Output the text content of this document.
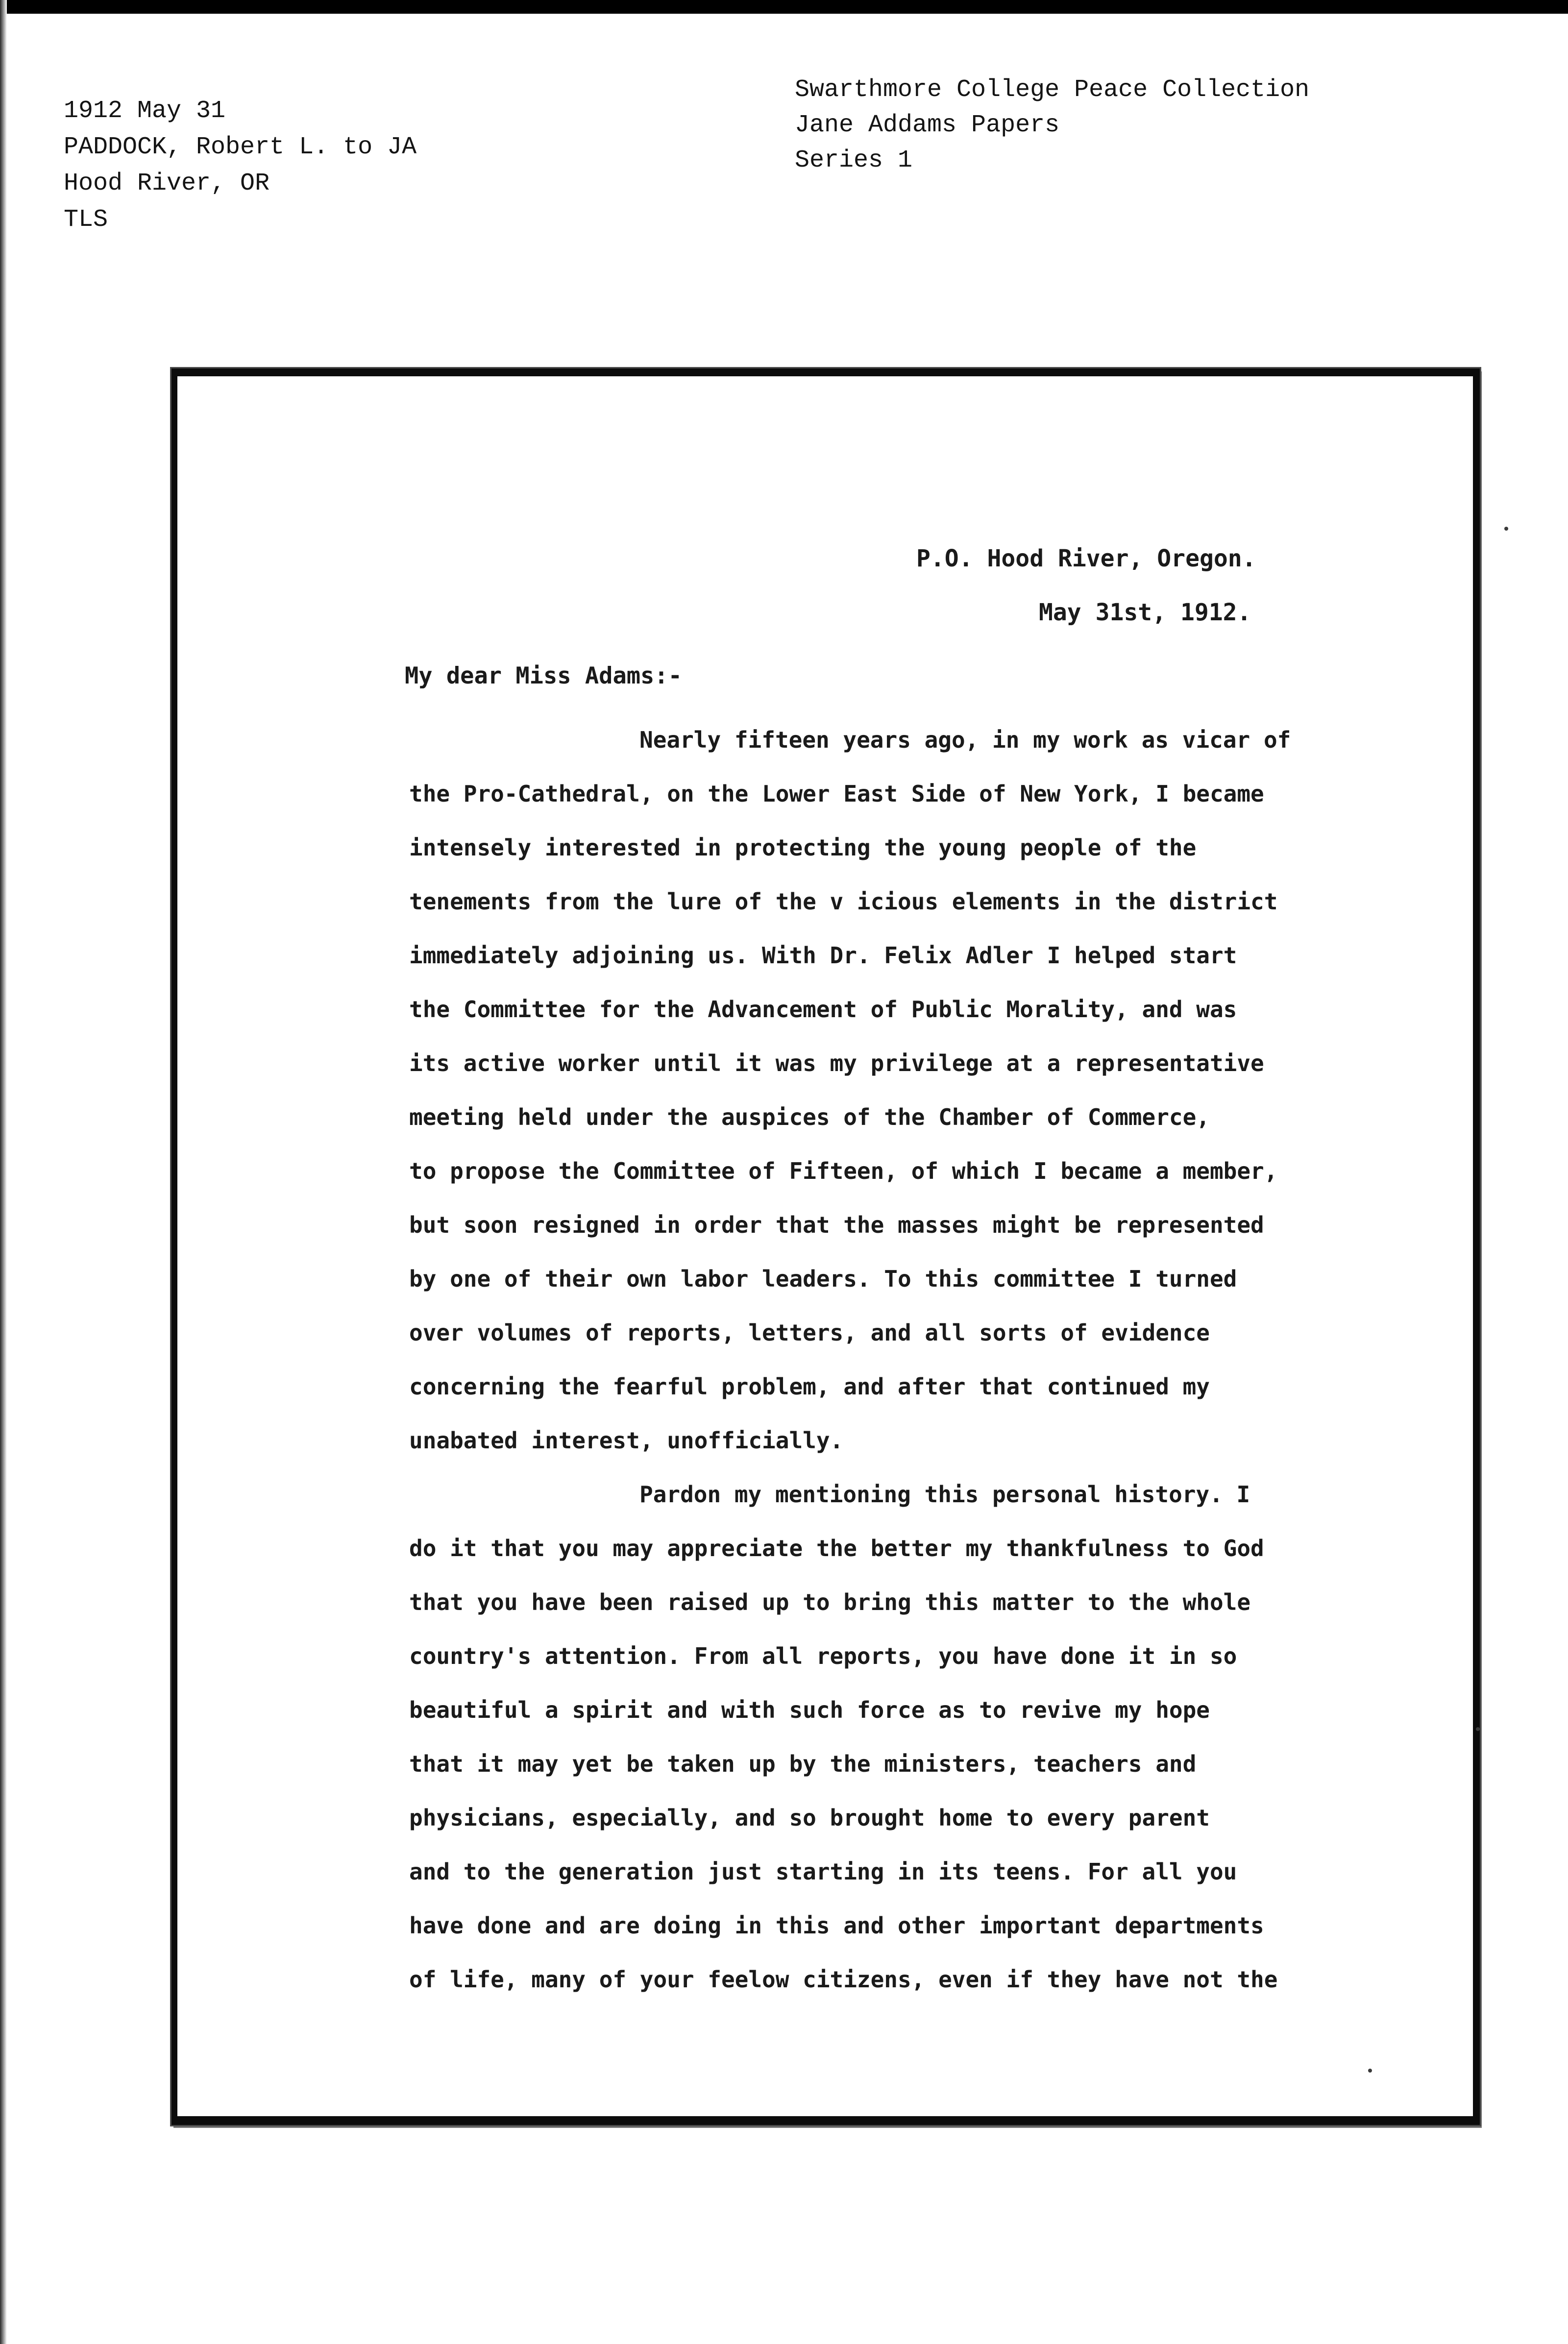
1912 May 31
PADDOCK, Robert L. to JA
Hood River, OR
TLS
Swarthmore College Peace Collection
Jane Addams Papers
Series 1
P.O. Hood River, Oregon.
May 31st, 1912.
My dear Miss Adams:-
Nearly fifteen years ago, in my work as vicar of
the Pro-Cathedral, on the Lower East Side of New York, I became
intensely interested in protecting the young people of the
tenements from the lure of the v icious elements in the district
immediately adjoining us. With Dr. Felix Adler I helped start
the Committee for the Advancement of Public Morality, and was
its active worker until it was my privilege at a representative
meeting held under the auspices of the Chamber of Commerce,
to propose the Committee of Fifteen, of which I became a member,
but soon resigned in order that the masses might be represented
by one of their own labor leaders. To this committee I turned
over volumes of reports, letters, and all sorts of evidence
concerning the fearful problem, and after that continued my
unabated interest, unofficially.
Pardon my mentioning this personal history. I
do it that you may appreciate the better my thankfulness to God
that you have been raised up to bring this matter to the whole
country's attention. From all reports, you have done it in so
beautiful a spirit and with such force as to revive my hope
that it may yet be taken up by the ministers, teachers and
physicians, especially, and so brought home to every parent
and to the generation just starting in its teens. For all you
have done and are doing in this and other important departments
of life, many of your feelow citizens, even if they have not the
